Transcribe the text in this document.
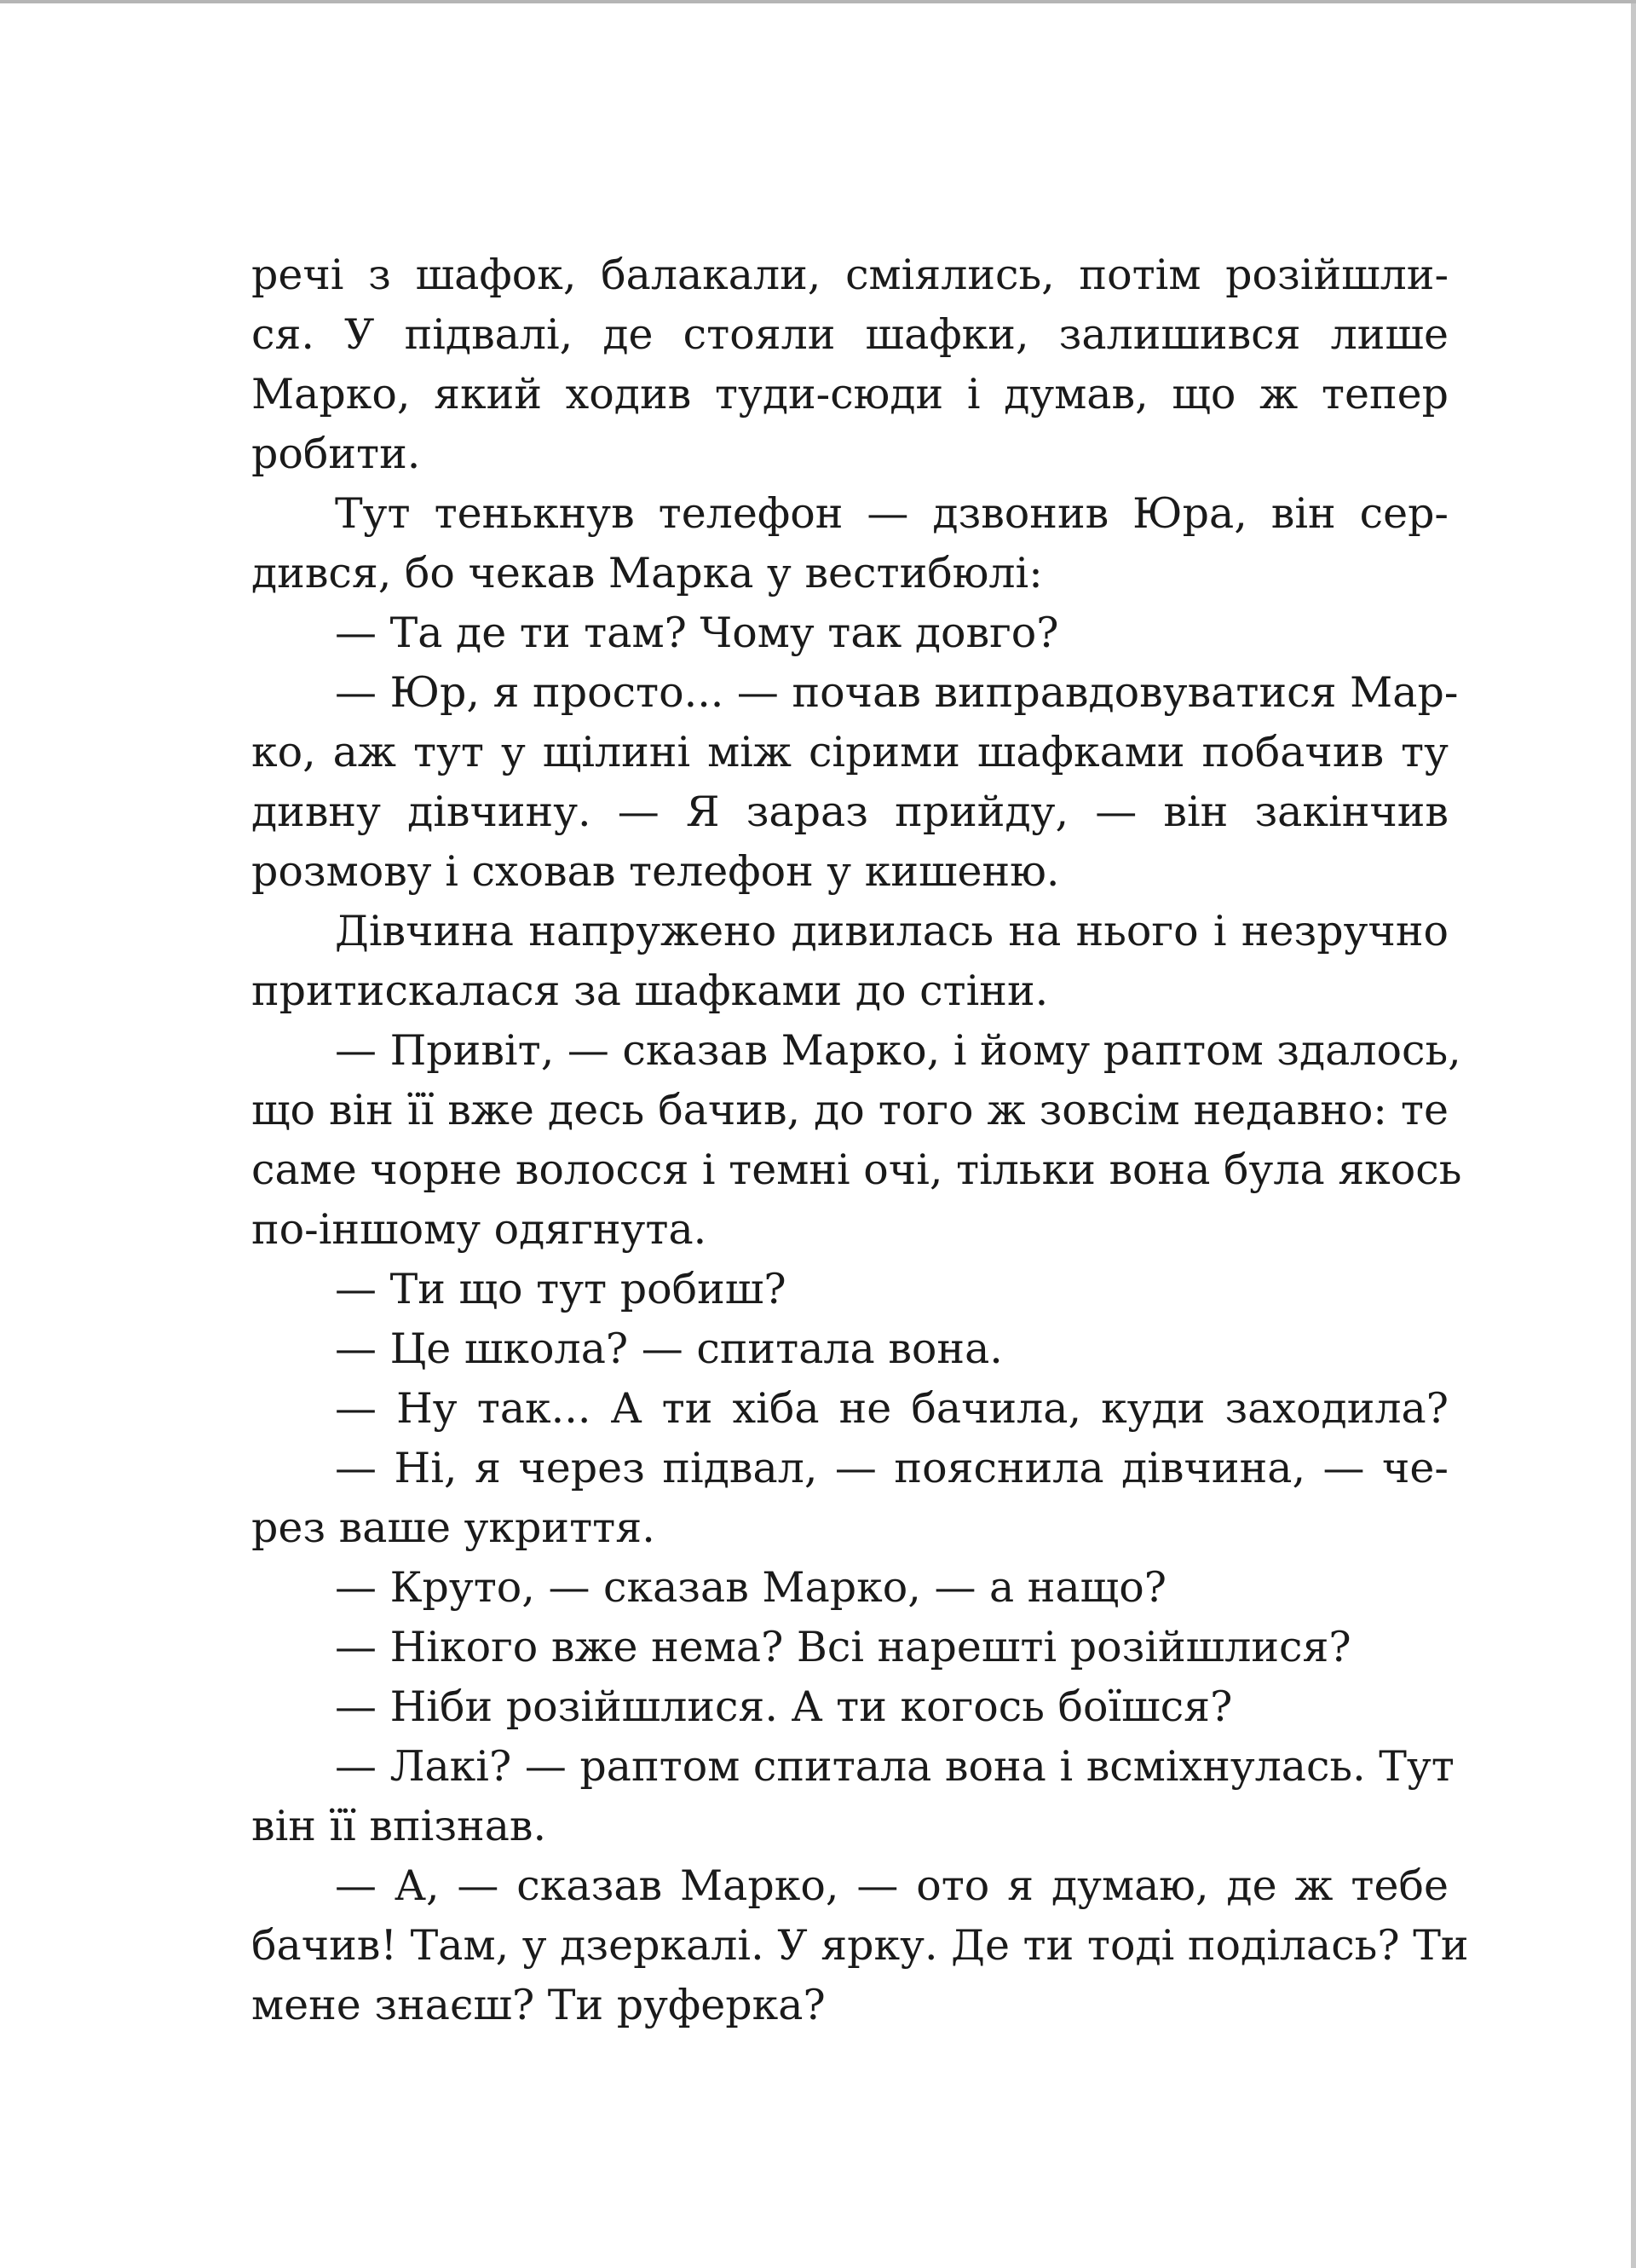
речі з шафок, балакали, сміялись, потім розійшли-
ся. У підвалі, де стояли шафки, залишився лише
Марко, який ходив туди-сюди і думав, що ж тепер
робити.
Тут тенькнув телефон — дзвонив Юра, він сер-
дився, бо чекав Марка у вестибюлі:
— Та де ти там? Чому так довго?
— Юр, я просто... — почав виправдовуватися Мар-
ко, аж тут у щілині між сірими шафками побачив ту
дивну дівчину. — Я зараз прийду, — він закінчив
розмову і сховав телефон у кишеню.
Дівчина напружено дивилась на нього і незручно
притискалася за шафками до стіни.
— Привіт, — сказав Марко, і йому раптом здалось,
що він її вже десь бачив, до того ж зовсім недавно: те
саме чорне волосся і темні очі, тільки вона була якось
по-іншому одягнута.
— Ти що тут робиш?
— Це школа? — спитала вона.
— Ну так... А ти хіба не бачила, куди заходила?
— Ні, я через підвал, — пояснила дівчина, — че-
рез ваше укриття.
— Круто, — сказав Марко, — а нащо?
— Нікого вже нема? Всі нарешті розійшлися?
— Ніби розійшлися. А ти когось боїшся?
— Лакі? — раптом спитала вона і всміхнулась. Тут
він її впізнав.
— А, — сказав Марко, — ото я думаю, де ж тебе
бачив! Там, у дзеркалі. У ярку. Де ти тоді поділась? Ти
мене знаєш? Ти руферка?
